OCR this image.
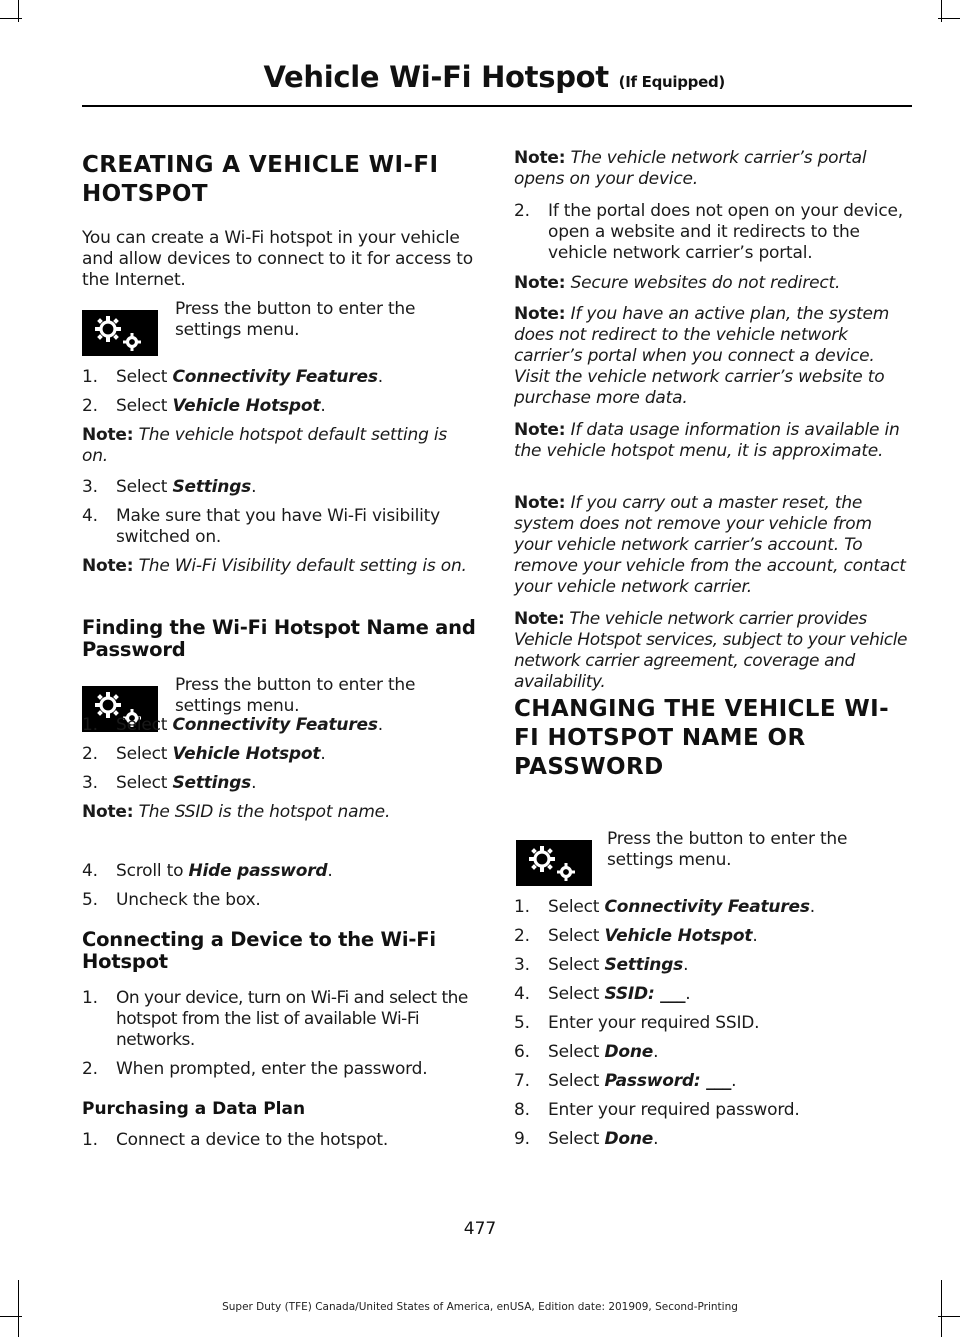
Vehicle Wi-Fi Hotspot (If Equipped)
CREATING A VEHICLE WI-FI
HOTSPOT
You can create a Wi-Fi hotspot in your vehicle and allow devices to connect to it for access to the Internet.
Press the button to enter the settings menu.
1.	Select Connectivity Features.
2.	Select Vehicle Hotspot.
Note: The vehicle hotspot default setting is on.
3.	Select Settings.
4.	Make sure that you have Wi-Fi visibility switched on.
Note: The Wi-Fi Visibility default setting is on.
Finding the Wi-Fi Hotspot Name and Password
Press the button to enter the settings menu.
1.	Select Connectivity Features.
2.	Select Vehicle Hotspot.
3.	Select Settings.
Note: The SSID is the hotspot name.
4.	Scroll to Hide password.
5.	Uncheck the box.
Connecting a Device to the Wi-Fi Hotspot
1.	On your device, turn on Wi-Fi and select the hotspot from the list of available Wi-Fi networks.
2.	When prompted, enter the password.
Purchasing a Data Plan
1.	Connect a device to the hotspot.
Note: The vehicle network carrier’s portal opens on your device.
2.	If the portal does not open on your device, open a website and it redirects to the vehicle network carrier’s portal.
Note: Secure websites do not redirect.
Note: If you have an active plan, the system does not redirect to the vehicle network carrier’s portal when you connect a device. Visit the vehicle network carrier’s website to purchase more data.
Note: If data usage information is available in the vehicle hotspot menu, it is approximate.
Note: If you carry out a master reset, the system does not remove your vehicle from your vehicle network carrier’s account. To remove your vehicle from the account, contact your vehicle network carrier.
Note: The vehicle network carrier provides Vehicle Hotspot services, subject to your vehicle network carrier agreement, coverage and availability.
CHANGING THE VEHICLE WI-
FI HOTSPOT NAME OR
PASSWORD
Press the button to enter the settings menu.
1.	Select Connectivity Features.
2.	Select Vehicle Hotspot.
3.	Select Settings.
4.	Select SSID: ___.
5.	Enter your required SSID.
6.	Select Done.
7.	Select Password: ___.
8.	Enter your required password.
9.	Select Done.
477
Super Duty (TFE) Canada/United States of America, enUSA, Edition date: 201909, Second-Printing
